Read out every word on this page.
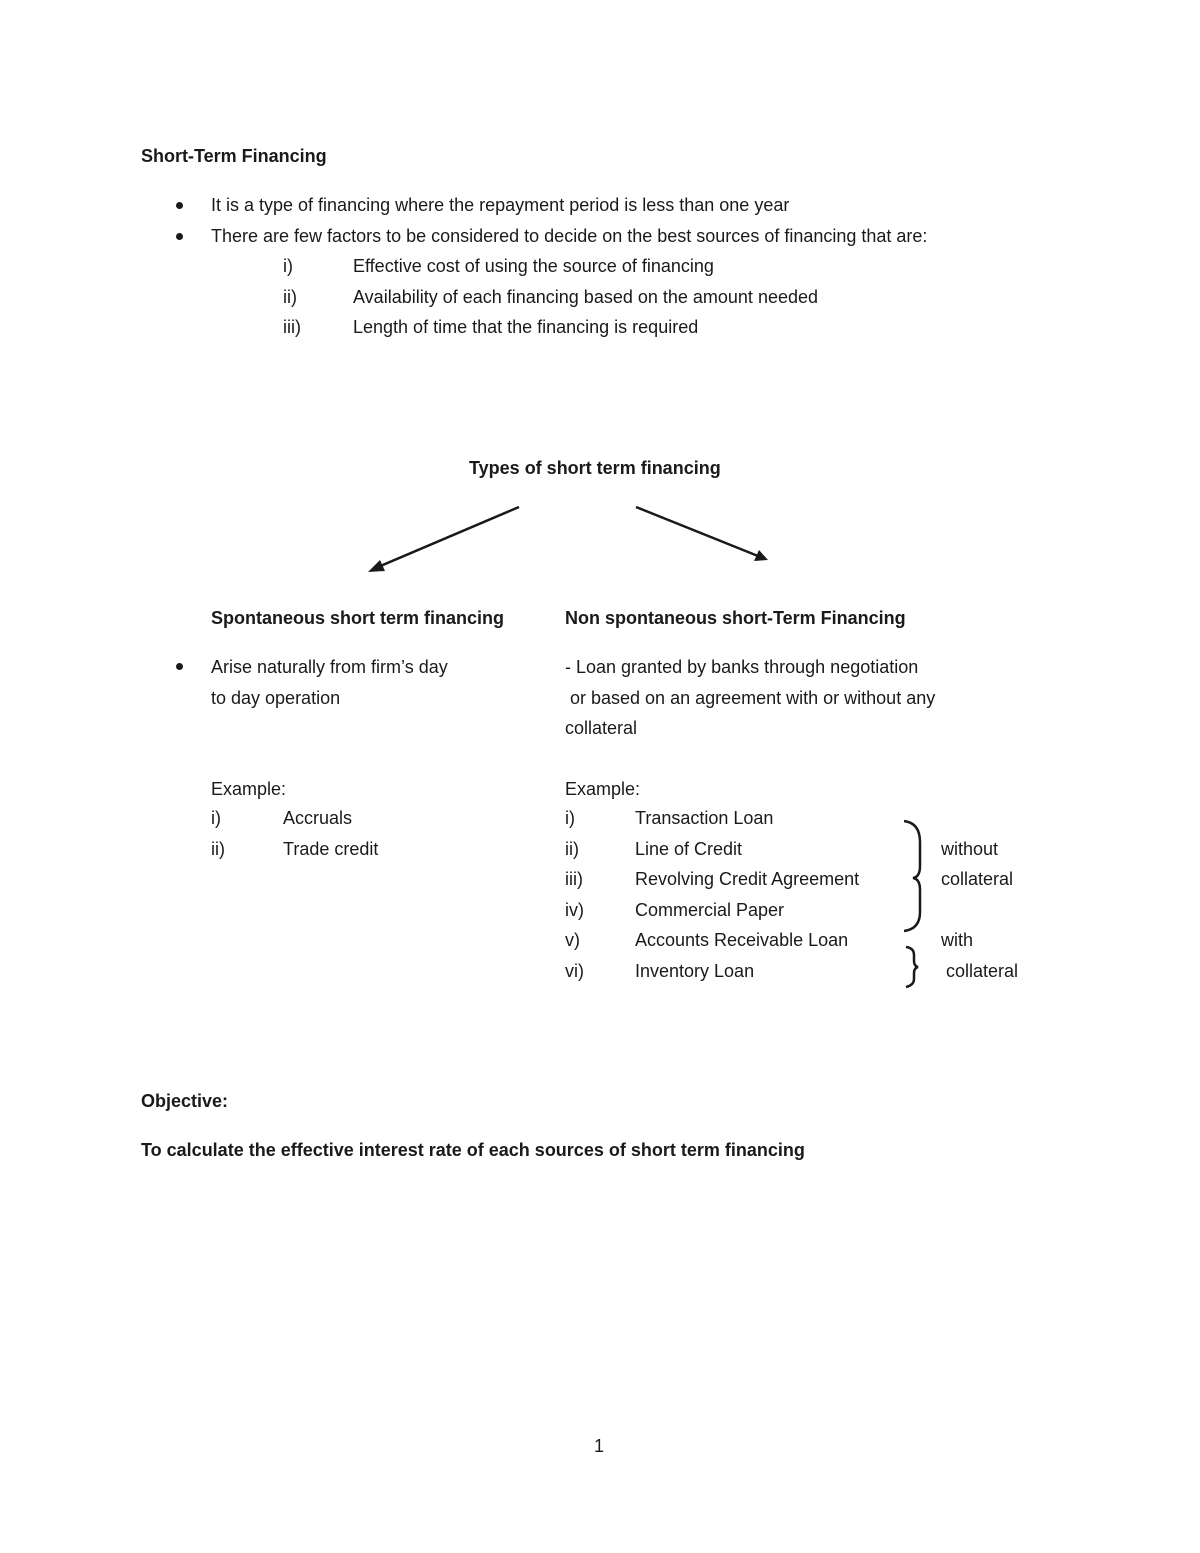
Short-Term Financing
It is a type of financing where the repayment period is less than one year
There are few factors to be considered to decide on the best sources of financing that are:
i)	Effective cost of using the source of financing
ii)	Availability of each financing based on the amount needed
iii)	Length of time that the financing is required
Types of short term financing
Spontaneous short term financing
Arise naturally from firm’s day
to day operation
Example:
i)	Accruals
ii)	Trade credit
Non spontaneous short-Term Financing
- Loan granted by banks through negotiation
or based on an agreement with or without any
collateral
Example:
i)	Transaction Loan
ii)	Line of Credit
iii)	Revolving Credit Agreement
iv)	Commercial Paper
v)	Accounts Receivable Loan
vi)	Inventory Loan
without
collateral
with
collateral
Objective:
To calculate the effective interest rate of each sources of short term financing
1
